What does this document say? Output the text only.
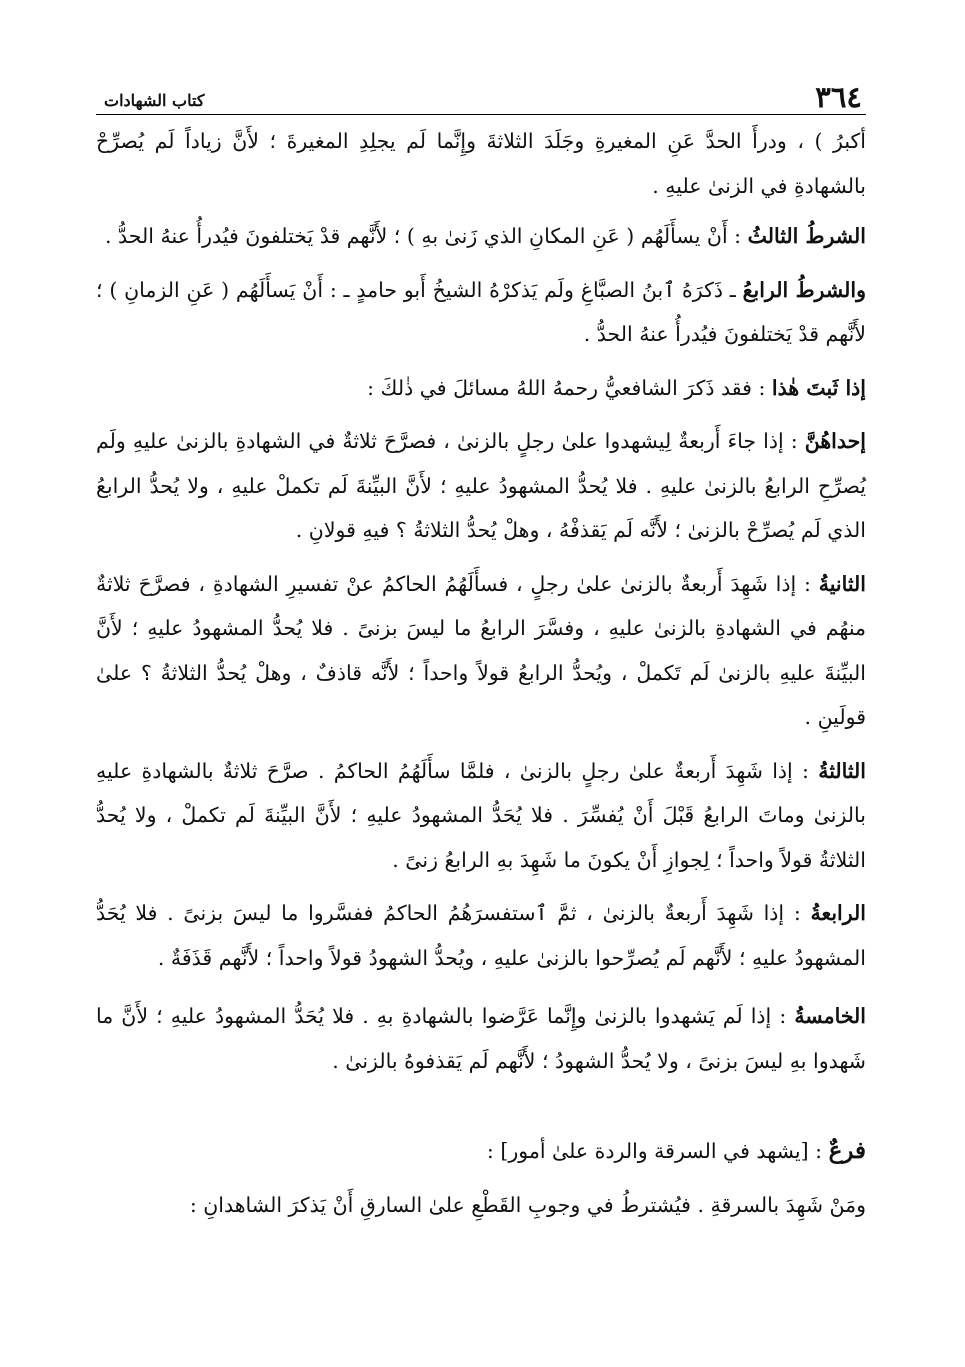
٣٦٤
كتاب الشهادات

أكبرُ ) ، ودرأَ الحدَّ عَنِ المغيرةِ وجَلَدَ الثلاثةَ وإِنَّما لَم يجلِدِ المغيرةَ ؛ لأَنَّ زياداً لَم يُصرِّحْ بالشهادةِ في الزنىٰ عليهِ .

الشرطُ الثالثُ : أَنْ يسأَلَهُم ( عَنِ المكانِ الذي زَنىٰ بهِ ) ؛ لأَنَّهم قدْ يَختلفونَ فيُدرأُ عنهُ الحدُّ .

والشرطُ الرابعُ ـ ذَكرَهُ ٱبنُ الصبَّاغِ ولَم يَذكرْهُ الشيخُ أَبو حامدٍ ـ : أَنْ يَسأَلَهُم ( عَنِ الزمانِ ) ؛ لأَنَّهم قدْ يَختلفونَ فيُدرأُ عنهُ الحدُّ .

إذا ثَبتَ هٰذا : فقد ذَكرَ الشافعيُّ رحمهُ اللهُ مسائلَ في ذٰلكَ :

إحداهُنَّ : إذا جاءَ أَربعةٌ لِيشهدوا علىٰ رجلٍ بالزنىٰ ، فصرَّحَ ثلاثةٌ في الشهادةِ بالزنىٰ عليهِ ولَم يُصرِّحِ الرابعُ بالزنىٰ عليهِ . فلا يُحدُّ المشهودُ عليهِ ؛ لأَنَّ البيِّنةَ لَم تكملْ عليهِ ، ولا يُحدُّ الرابعُ الذي لَم يُصرِّحْ بالزنىٰ ؛ لأَنَّه لَم يَقذفْهُ ، وهلْ يُحدُّ الثلاثةُ ؟ فيهِ قولانِ .

الثانيةُ : إذا شَهِدَ أَربعةٌ بالزنىٰ علىٰ رجلٍ ، فسأَلَهُمُ الحاكمُ عنْ تفسيرِ الشهادةِ ، فصرَّحَ ثلاثةٌ منهُم في الشهادةِ بالزنىٰ عليهِ ، وفسَّرَ الرابعُ ما ليسَ بزنىً . فلا يُحدُّ المشهودُ عليهِ ؛ لأَنَّ البيِّنةَ عليهِ بالزنىٰ لَم تَكملْ ، ويُحدُّ الرابعُ قولاً واحداً ؛ لأَنَّه قاذفٌ ، وهلْ يُحدُّ الثلاثةُ ؟ علىٰ قولَينِ .

الثالثةُ : إذا شَهِدَ أَربعةٌ علىٰ رجلٍ بالزنىٰ ، فلمَّا سأَلَهُمُ الحاكمُ . صرَّحَ ثلاثةٌ بالشهادةِ عليهِ بالزنىٰ وماتَ الرابعُ قَبْلَ أَنْ يُفسِّرَ . فلا يُحَدُّ المشهودُ عليهِ ؛ لأَنَّ البيِّنةَ لَم تكملْ ، ولا يُحدُّ الثلاثةُ قولاً واحداً ؛ لِجوازِ أَنْ يكونَ ما شَهِدَ بهِ الرابعُ زنىً .

الرابعةُ : إذا شَهِدَ أَربعةٌ بالزنىٰ ، ثمَّ ٱستفسرَهُمُ الحاكمُ ففسَّروا ما ليسَ بزنىً . فلا يُحَدُّ المشهودُ عليهِ ؛ لأَنَّهم لَم يُصرِّحوا بالزنىٰ عليهِ ، ويُحدُّ الشهودُ قولاً واحداً ؛ لأَنَّهم قَذَفَةٌ .

الخامسةُ : إذا لَم يَشهدوا بالزنىٰ وإِنَّما عَرَّضوا بالشهادةِ بهِ . فلا يُحَدُّ المشهودُ عليهِ ؛ لأَنَّ ما شَهدوا بهِ ليسَ بزنىً ، ولا يُحدُّ الشهودُ ؛ لأَنَّهم لَم يَقذفوهُ بالزنىٰ .

فرعٌ : [يشهد في السرقة والردة علىٰ أمور] :

ومَنْ شَهِدَ بالسرقةِ . فيُشترطُ في وجوبِ القَطْعِ علىٰ السارقِ أَنْ يَذكرَ الشاهدانِ :
